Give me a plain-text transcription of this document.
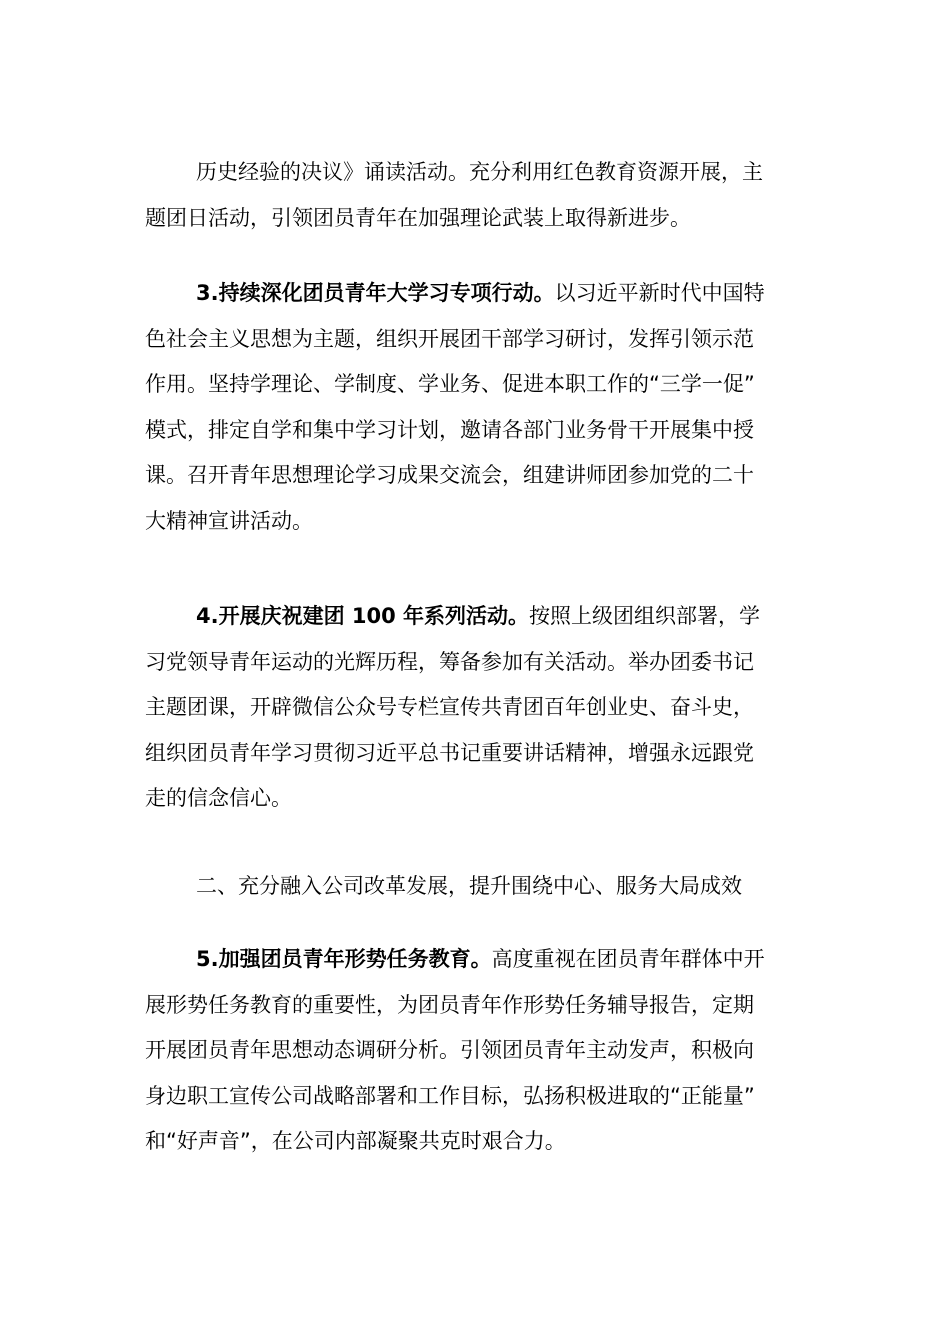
历史经验的决议》诵读活动。充分利用红色教育资源开展，主
题团日活动，引领团员青年在加强理论武装上取得新进步。
3.持续深化团员青年大学习专项行动。以习近平新时代中国特
色社会主义思想为主题，组织开展团干部学习研讨，发挥引领示范
作用。坚持学理论、学制度、学业务、促进本职工作的“三学一促”
模式，排定自学和集中学习计划，邀请各部门业务骨干开展集中授
课。召开青年思想理论学习成果交流会，组建讲师团参加党的二十
大精神宣讲活动。
4.开展庆祝建团 100 年系列活动。按照上级团组织部署，学
习党领导青年运动的光辉历程，筹备参加有关活动。举办团委书记
主题团课，开辟微信公众号专栏宣传共青团百年创业史、奋斗史，
组织团员青年学习贯彻习近平总书记重要讲话精神，增强永远跟党
走的信念信心。
二、充分融入公司改革发展，提升围绕中心、服务大局成效
5.加强团员青年形势任务教育。高度重视在团员青年群体中开
展形势任务教育的重要性，为团员青年作形势任务辅导报告，定期
开展团员青年思想动态调研分析。引领团员青年主动发声，积极向
身边职工宣传公司战略部署和工作目标，弘扬积极进取的“正能量”
和“好声音”，在公司内部凝聚共克时艰合力。
